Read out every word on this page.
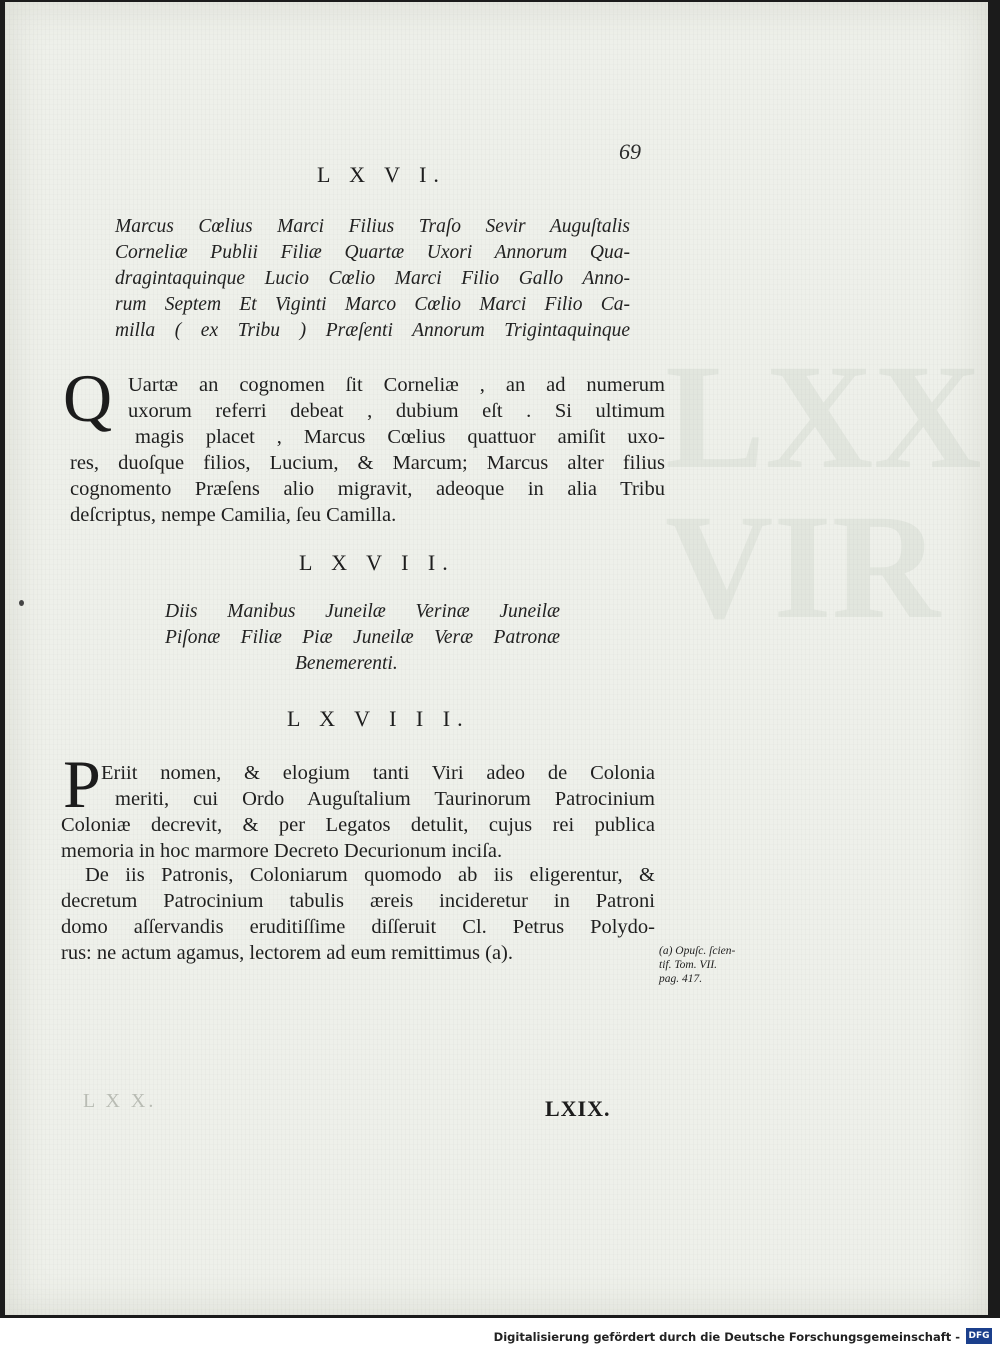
LXX
VIR
69
L X V I.
Marcus Cœlius Marci Filius Traſo Sevir Auguſtalis
Corneliæ Publii Filiæ Quartæ Uxori Annorum Qua-
dragintaquinque Lucio Cœlio Marci Filio Gallo Anno-
rum Septem Et Viginti Marco Cœlio Marci Filio Ca-
milla ( ex Tribu ) Præſenti Annorum Trigintaquinque
Q Uartæ an cognomen ſit Corneliæ , an ad numerum
uxorum referri debeat , dubium eſt . Si ultimum
magis placet , Marcus Cœlius quattuor amiſit uxo-
res, duoſque filios, Lucium, & Marcum; Marcus alter filius
cognomento Præſens alio migravit, adeoque in alia Tribu
deſcriptus, nempe Camilia, ſeu Camilla.
L X V I I.
Diis Manibus Juneilæ Verinæ Juneilæ
Piſonæ Filiæ Piæ Juneilæ Veræ Patronæ
Benemerenti.
L X V I I I.
P Eriit nomen, & elogium tanti Viri adeo de Colonia
meriti, cui Ordo Auguſtalium Taurinorum Patrocinium
Coloniæ decrevit, & per Legatos detulit, cujus rei publica
memoria in hoc marmore Decreto Decurionum inciſa.
De iis Patronis, Coloniarum quomodo ab iis eligerentur, &
decretum Patrocinium tabulis æreis incideretur in Patroni
domo aſſervandis eruditiſſime diſſeruit Cl. Petrus Polydo-
rus: ne actum agamus, lectorem ad eum remittimus (a).	(a) Opuſc. ſcien-
tif. Tom. VII.
pag. 417.
L X X.	LXIX.
Digitalisierung gefördert durch die Deutsche Forschungsgemeinschaft - DFG
